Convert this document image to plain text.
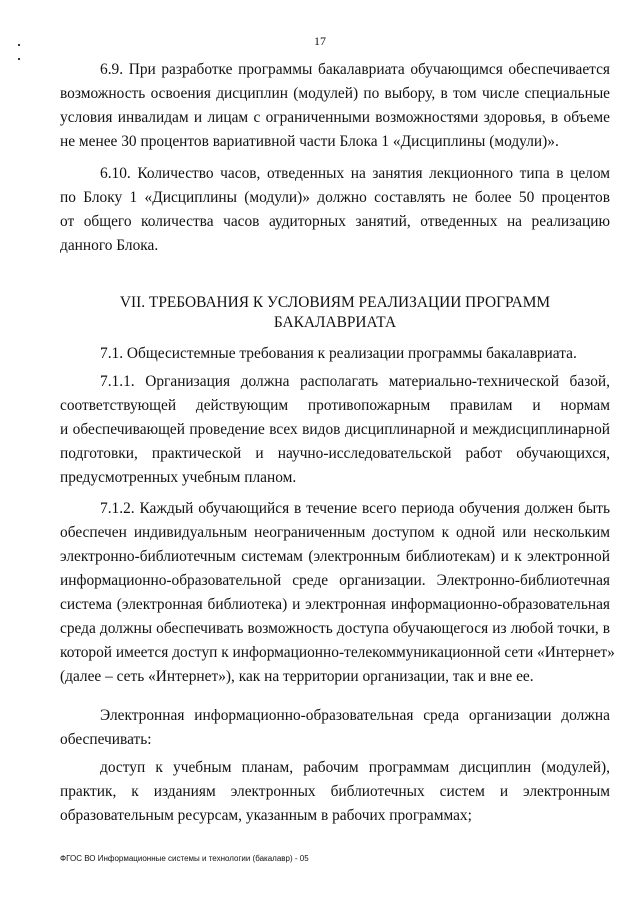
17
6.9. При разработке программы бакалавриата обучающимся обеспечивается
возможность освоения дисциплин (модулей) по выбору, в том числе специальные
условия инвалидам и лицам с ограниченными возможностями здоровья, в объеме
не менее 30 процентов вариативной части Блока 1 «Дисциплины (модули)».
6.10. Количество часов, отведенных на занятия лекционного типа в целом
по Блоку 1 «Дисциплины (модули)» должно составлять не более 50 процентов
от общего количества часов аудиторных занятий, отведенных на реализацию
данного Блока.
VII. ТРЕБОВАНИЯ К УСЛОВИЯМ РЕАЛИЗАЦИИ ПРОГРАММ
БАКАЛАВРИАТА
7.1. Общесистемные требования к реализации программы бакалавриата.
7.1.1. Организация должна располагать материально-технической базой,
соответствующей действующим противопожарным правилам и нормам
и обеспечивающей проведение всех видов дисциплинарной и междисциплинарной
подготовки, практической и научно-исследовательской работ обучающихся,
предусмотренных учебным планом.
7.1.2. Каждый обучающийся в течение всего периода обучения должен быть
обеспечен индивидуальным неограниченным доступом к одной или нескольким
электронно-библиотечным системам (электронным библиотекам) и к электронной
информационно-образовательной среде организации. Электронно-библиотечная
система (электронная библиотека) и электронная информационно-образовательная
среда должны обеспечивать возможность доступа обучающегося из любой точки, в
которой имеется доступ к информационно-телекоммуникационной сети «Интернет»
(далее – сеть «Интернет»), как на территории организации, так и вне ее.
Электронная информационно-образовательная среда организации должна
обеспечивать:
доступ к учебным планам, рабочим программам дисциплин (модулей),
практик, к изданиям электронных библиотечных систем и электронным
образовательным ресурсам, указанным в рабочих программах;
ФГОС ВО Информационные системы и технологии (бакалавр) - 05
